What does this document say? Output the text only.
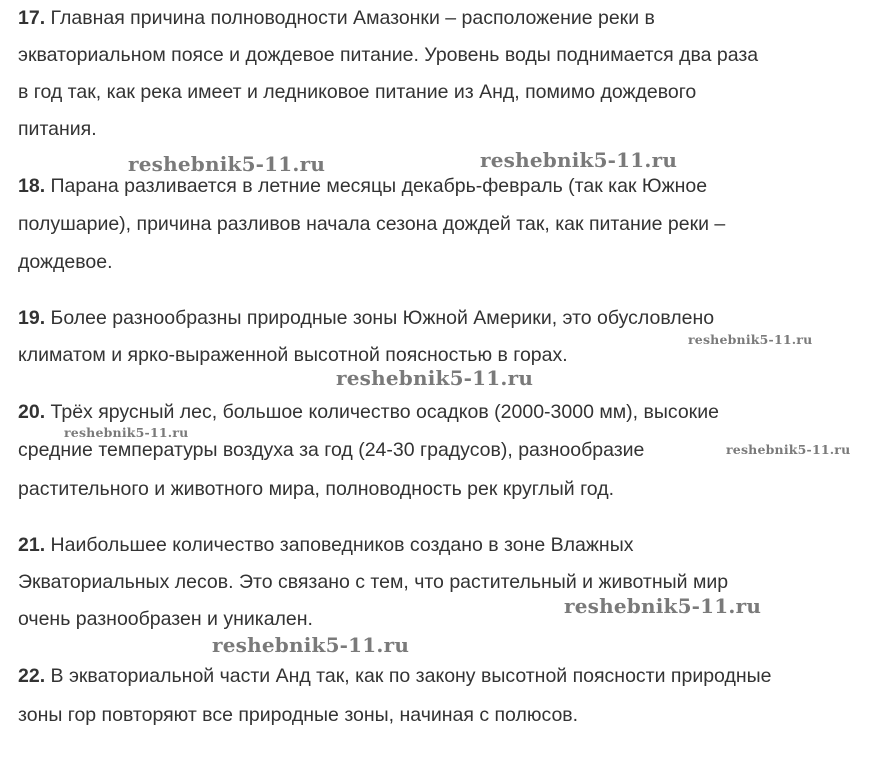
17. Главная причина полноводности Амазонки – расположение реки в
экваториальном поясе и дождевое питание. Уровень воды поднимается два раза
в год так, как река имеет и ледниковое питание из Анд, помимо дождевого
питания.
18. Парана разливается в летние месяцы декабрь-февраль (так как Южное
полушарие), причина разливов начала сезона дождей так, как питание реки –
дождевое.
19. Более разнообразны природные зоны Южной Америки, это обусловлено
климатом и ярко-выраженной высотной поясностью в горах.
20. Трёх ярусный лес, большое количество осадков (2000-3000 мм), высокие
средние температуры воздуха за год (24-30 градусов), разнообразие
растительного и животного мира, полноводность рек круглый год.
21. Наибольшее количество заповедников создано в зоне Влажных
Экваториальных лесов. Это связано с тем, что растительный и животный мир
очень разнообразен и уникален.
22. В экваториальной части Анд так, как по закону высотной поясности природные
зоны гор повторяют все природные зоны, начиная с полюсов.
reshebnik5-11.ru	reshebnik5-11.ru
reshebnik5-11.ru
reshebnik5-11.ru
reshebnik5-11.ru
reshebnik5-11.ru
reshebnik5-11.ru
reshebnik5-11.ru
